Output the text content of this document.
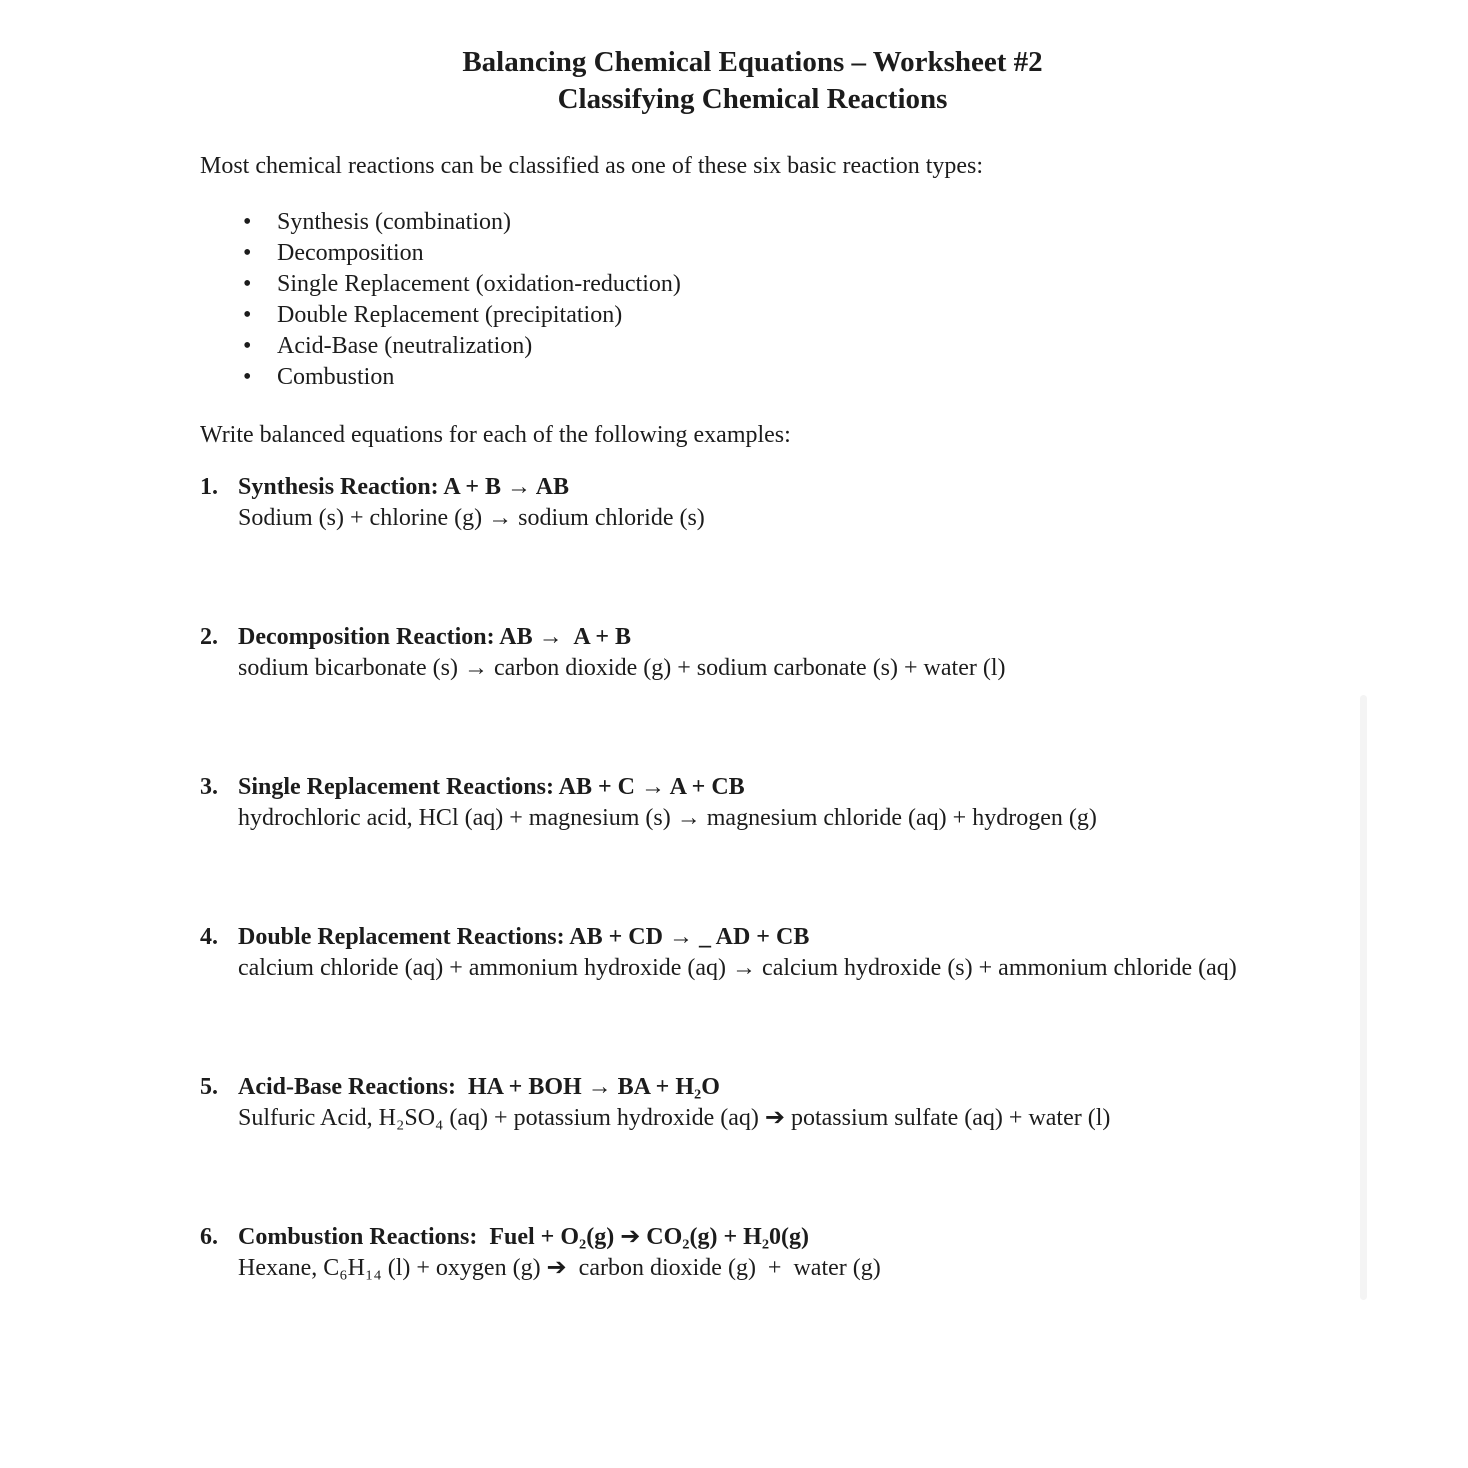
Balancing Chemical Equations – Worksheet #2
Classifying Chemical Reactions
Most chemical reactions can be classified as one of these six basic reaction types:
• Synthesis (combination)
• Decomposition
• Single Replacement (oxidation-reduction)
• Double Replacement (precipitation)
• Acid-Base (neutralization)
• Combustion
Write balanced equations for each of the following examples:
1. Synthesis Reaction: A + B → AB
Sodium (s) + chlorine (g) → sodium chloride (s)
2. Decomposition Reaction: AB →  A + B
sodium bicarbonate (s) → carbon dioxide (g) + sodium carbonate (s) + water (l)
3. Single Replacement Reactions: AB + C → A + CB
hydrochloric acid, HCl (aq) + magnesium (s) → magnesium chloride (aq) + hydrogen (g)
4. Double Replacement Reactions: AB + CD → _ AD + CB
calcium chloride (aq) + ammonium hydroxide (aq) → calcium hydroxide (s) + ammonium chloride (aq)
5. Acid-Base Reactions:  HA + BOH → BA + H₂O
Sulfuric Acid, H₂SO₄ (aq) + potassium hydroxide (aq) ➔ potassium sulfate (aq) + water (l)
6. Combustion Reactions:  Fuel + O₂(g) ➔ CO₂(g) + H₂0(g)
Hexane, C₆H₁₄ (l) + oxygen (g) ➔  carbon dioxide (g)  +  water (g)
